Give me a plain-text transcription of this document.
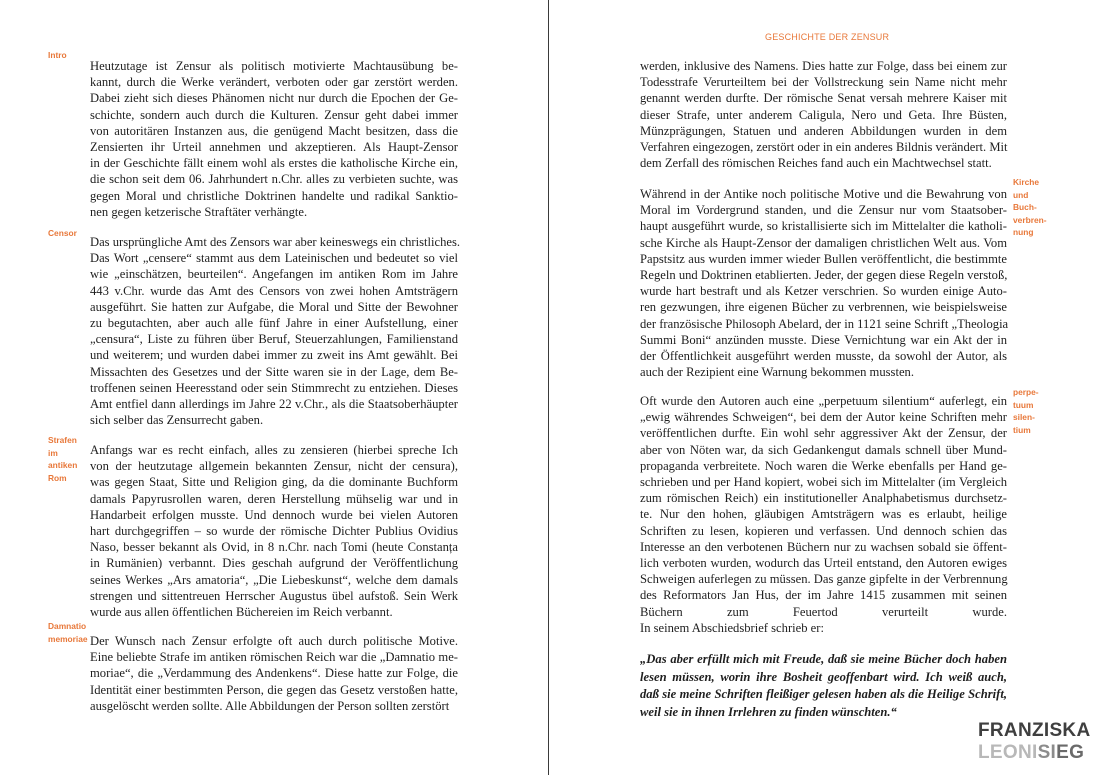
Intro
Heutzutage ist Zensur als politisch motivierte Machtausübung be-
kannt, durch die Werke verändert, verboten oder gar zerstört werden.
Dabei zieht sich dieses Phänomen nicht nur durch die Epochen der Ge-
schichte, sondern auch durch die Kulturen. Zensur geht dabei immer
von autoritären Instanzen aus, die genügend Macht besitzen, dass die
Zensierten ihr Urteil annehmen und akzeptieren. Als Haupt-Zensor
in der Geschichte fällt einem wohl als erstes die katholische Kirche ein,
die schon seit dem 06. Jahrhundert n.Chr. alles zu verbieten suchte, was
gegen Moral und christliche Doktrinen handelte und radikal Sanktio-
nen gegen ketzerische Straftäter verhängte.
Censor
Das ursprüngliche Amt des Zensors war aber keineswegs ein christliches.
Das Wort „censere“ stammt aus dem Lateinischen und bedeutet so viel
wie „einschätzen, beurteilen“. Angefangen im antiken Rom im Jahre
443 v.Chr. wurde das Amt des Censors von zwei hohen Amtsträgern
ausgeführt. Sie hatten zur Aufgabe, die Moral und Sitte der Bewohner
zu begutachten, aber auch alle fünf Jahre in einer Aufstellung, einer
„censura“, Liste zu führen über Beruf, Steuerzahlungen, Familienstand
und weiterem; und wurden dabei immer zu zweit ins Amt gewählt. Bei
Missachten des Gesetzes und der Sitte waren sie in der Lage, dem Be-
troffenen seinen Heeresstand oder sein Stimmrecht zu entziehen. Dieses
Amt entfiel dann allerdings im Jahre 22 v.Chr., als die Staatsoberhäupter
sich selber das Zensurrecht gaben.
Strafen
im
antiken
Rom
Anfangs war es recht einfach, alles zu zensieren (hierbei spreche Ich
von der heutzutage allgemein bekannten Zensur, nicht der censura),
was gegen Staat, Sitte und Religion ging, da die dominante Buchform
damals Papyrusrollen waren, deren Herstellung mühselig war und in
Handarbeit erfolgen musste. Und dennoch wurde bei vielen Autoren
hart durchgegriffen – so wurde der römische Dichter Publius Ovidius
Naso, besser bekannt als Ovid, in 8 n.Chr. nach Tomi (heute Constanța
in Rumänien) verbannt. Dies geschah aufgrund der Veröffentlichung
seines Werkes „Ars amatoria“, „Die Liebeskunst“, welche dem damals
strengen und sittentreuen Herrscher Augustus übel aufstoß. Sein Werk
wurde aus allen öffentlichen Büchereien im Reich verbannt.
Damnatio
memoriae Der Wunsch nach Zensur erfolgte oft auch durch politische Motive.
Eine beliebte Strafe im antiken römischen Reich war die „Damnatio me-
moriae“, die „Verdammung des Andenkens“. Diese hatte zur Folge, die
Identität einer bestimmten Person, die gegen das Gesetz verstoßen hatte,
ausgelöscht werden sollte. Alle Abbildungen der Person sollten zerstört
GESCHICHTE DER ZENSUR
werden, inklusive des Namens. Dies hatte zur Folge, dass bei einem zur
Todesstrafe Verurteiltem bei der Vollstreckung sein Name nicht mehr
genannt werden durfte. Der römische Senat versah mehrere Kaiser mit
dieser Strafe, unter anderem Caligula, Nero und Geta. Ihre Büsten,
Münzprägungen, Statuen und anderen Abbildungen wurden in dem
Verfahren eingezogen, zerstört oder in ein anderes Bildnis verändert. Mit
dem Zerfall des römischen Reiches fand auch ein Machtwechsel statt.
Kirche
und
Buch-
verbren-
nung
Während in der Antike noch politische Motive und die Bewahrung von
Moral im Vordergrund standen, und die Zensur nur vom Staatsober-
haupt ausgeführt wurde, so kristallisierte sich im Mittelalter die katholi-
sche Kirche als Haupt-Zensor der damaligen christlichen Welt aus. Vom
Papstsitz aus wurden immer wieder Bullen veröffentlicht, die bestimmte
Regeln und Doktrinen etablierten. Jeder, der gegen diese Regeln verstoß,
wurde hart bestraft und als Ketzer verschrien. So wurden einige Auto-
ren gezwungen, ihre eigenen Bücher zu verbrennen, wie beispielsweise
der französische Philosoph Abelard, der in 1121 seine Schrift „Theologia
Summi Boni“ anzünden musste. Diese Vernichtung war ein Akt der in
der Öffentlichkeit ausgeführt werden musste, da sowohl der Autor, als
auch der Rezipient eine Warnung bekommen mussten.
perpe-
tuum
silen-
tium
Oft wurde den Autoren auch eine „perpetuum silentium“ auferlegt, ein
„ewig währendes Schweigen“, bei dem der Autor keine Schriften mehr
veröffentlichen durfte. Ein wohl sehr aggressiver Akt der Zensur, der
aber von Nöten war, da sich Gedankengut damals schnell über Mund-
propaganda verbreitete. Noch waren die Werke ebenfalls per Hand ge-
schrieben und per Hand kopiert, wobei sich im Mittelalter (im Vergleich
zum römischen Reich) ein institutioneller Analphabetismus durchsetz-
te. Nur den hohen, gläubigen Amtsträgern was es erlaubt, heilige
Schriften zu lesen, kopieren und verfassen. Und dennoch schien das
Interesse an den verbotenen Büchern nur zu wachsen sobald sie öffent-
lich verboten wurden, wodurch das Urteil entstand, den Autoren ewiges
Schweigen auferlegen zu müssen. Das ganze gipfelte in der Verbrennung
des Reformators Jan Hus, der im Jahre 1415 zusammen mit seinen
Büchern zum Feuertod verurteilt wurde.
In seinem Abschiedsbrief schrieb er:
„Das aber erfüllt mich mit Freude, daß sie meine Bücher doch haben
lesen müssen, worin ihre Bosheit geoffenbart wird. Ich weiß auch,
daß sie meine Schriften fleißiger gelesen haben als die Heilige Schrift,
weil sie in ihnen Irrlehren zu finden wünschten.“
FRANZISKA
LEONISIEG
